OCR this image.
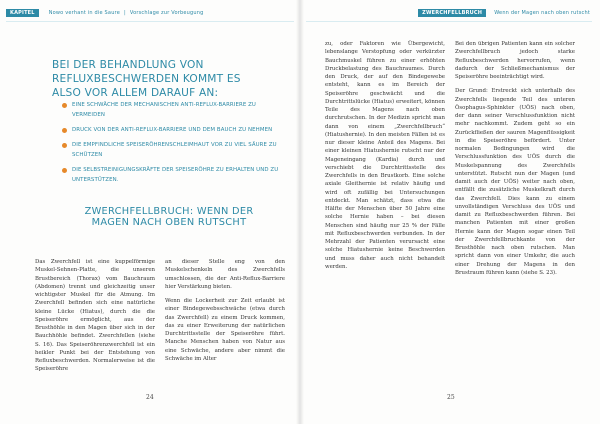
KAPITEL	Nowo verhant in die Saure | Vorschlage zur Vorbeugung	ZWERCHFELLBRUCH	Wenn der Magen nach oben rutscht
BEI DER BEHANDLUNG VON REFLUXBESCHWERDEN KOMMT ES ALSO VOR ALLEM DARAUF AN:
EINE SCHWÄCHE DER MECHANISCHEN ANTI-REFLUX-BARRIERE ZU VERMEIDEN
DRUCK VON DER ANTI-REFLUX-BARRIERE UND DEM BAUCH ZU NEHMEN
DIE EMPFINDLICHE SPEISERÖHRENSCHLEIMHAUT VOR ZU VIEL SÄURE ZU SCHÜTZEN
DIE SELBSTREINIGUNGSKRÄFTE DER SPEISERÖHRE ZU ERHALTEN UND ZU UNTERSTÜTZEN.
ZWERCHFELLBRUCH: WENN DER MAGEN NACH OBEN RUTSCHT

Das Zwerchfell ist eine kuppelförmige Muskel-Sehnen-Platte, die unseren Brustbereich (Thorax) vom Bauchraum (Abdomen) trennt und gleichzeitig unser wichtigster Muskel für die Atmung. Im Zwerchfell befinden sich eine natürliche kleine Lücke (Hiatus), durch die die Speiseröhre ermöglicht, aus der Brusthöhle in den Magen über sich in der Bauchhöhle befindet. Zwerchfellen (siehe S. 16). Das Speiseröhrenzwerchfell ist ein heikler Punkt bei der Entstehung von Refluxbeschwerden. Normalerweise ist die Speiseröhre

an dieser Stelle eng von den Muskelschenkeln des Zwerchfells umschlossen, die der Anti-Reflux-Barriere hier Verstärkung bieten.

Wenn die Lockerheit zur Zeit erlaubt ist einer Bindegewebsschwäche (etwa durch das Zwerchfell) zu einem Druck kommen, das zu einer Erweiterung der natürlichen Durchtrittsstelle der Speiseröhre führt. Manche Menschen haben von Natur aus eine Schwäche, andere aber nimmt die Schwäche im Alter

24

zu, oder Faktoren wie Übergewicht, lebenslange Verstopfung oder verkürzter Bauchmuskel führen zu einer erhöhten Druckbelastung des Bauchraumes. Durch den Druck, der auf den Bindegewebe entsteht, kann es im Bereich der Speiseröhre geschwächt und die Durchtrittslücke (Hiatus) erweitert, können Teile des Magens nach oben durchrutschen. In der Medizin spricht man dann von einem „Zwerchfellbruch“ (Hiatushernie). In den meisten Fällen ist es nur dieser kleine Anteil des Magens. Bei einer kleinen Hiatushernie rutscht nur der Mageneingang (Kardia) durch und verschiebt die Durchtrittsstelle des Zwerchfells in den Brustkorb. Eine solche axiale Gleithernie ist relativ häufig und wird oft zufällig bei Untersuchungen entdeckt. Man schätzt, dass etwa die Hälfte der Menschen über 50 Jahre eine solche Hernie haben – bei diesen Menschen sind häufig nur 25 % der Fälle mit Refluxbeschwerden verbunden. In der Mehrzahl der Patienten verursacht eine solche Hiatushernie keine Beschwerden und muss daher auch nicht behandelt werden.

Bei den übrigen Patienten kann ein solcher Zwerchfellbruch jedoch starke Refluxbeschwerden hervorrufen, wenn dadurch der Schließmechanismus der Speiseröhre beeinträchtigt wird.

Der Grund: Erstreckt sich unterhalb des Zwerchfells liegende Teil des unteren Ösophagus-Sphinkter (UÖS) nach oben, der dann seiner Verschlussfunktion nicht mehr nachkommt. Zudem geht so ein Zurückfließen der sauren Magenflüssigkeit in die Speiseröhre befördert. Unter normalen Bedingungen wird die Verschlussfunktion des UÖS durch die Muskelspannung des Zwerchfells unterstützt. Rutscht nun der Magen (und damit auch der UÖS) weiter nach oben, entfällt die zusätzliche Muskelkraft durch das Zwerchfell. Dies kann zu einem unvollständigen Verschluss des UÖS und damit zu Refluxbeschwerden führen. Bei manchen Patienten mit einer großen Hernie kann der Magen sogar einen Teil der Zwerchfellbruchkante von der Brusthöhle nach oben rutschen. Man spricht dann von einer Umkehr, die auch einer Drehung der Magens in den Brustraum führen kann (siehe S. 23).

25
